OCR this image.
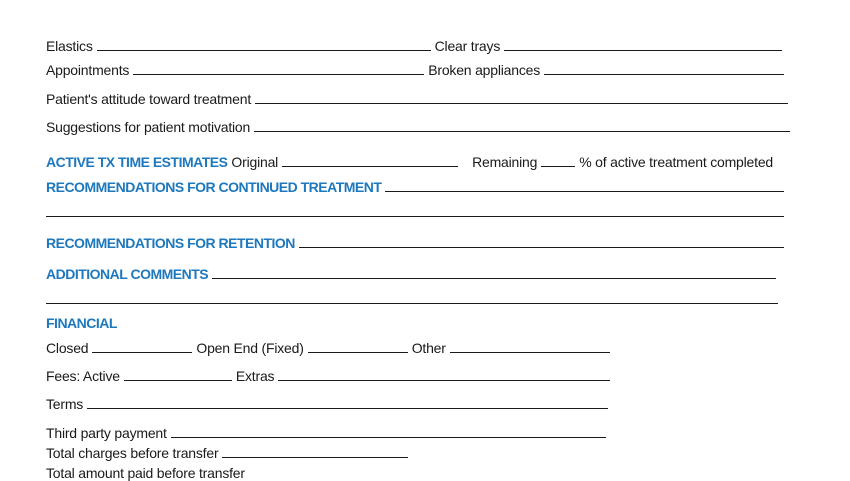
Elastics	Clear trays
Appointments	Broken appliances
Patient's attitude toward treatment
Suggestions for patient motivation
ACTIVE TX TIME ESTIMATES Original	Remaining	% of active treatment completed
RECOMMENDATIONS FOR CONTINUED TREATMENT
RECOMMENDATIONS FOR RETENTION
ADDITIONAL COMMENTS
FINANCIAL
Closed	Open End (Fixed)	Other
Fees: Active	Extras
Terms
Third party payment
Total charges before transfer
Total amount paid before transfer
